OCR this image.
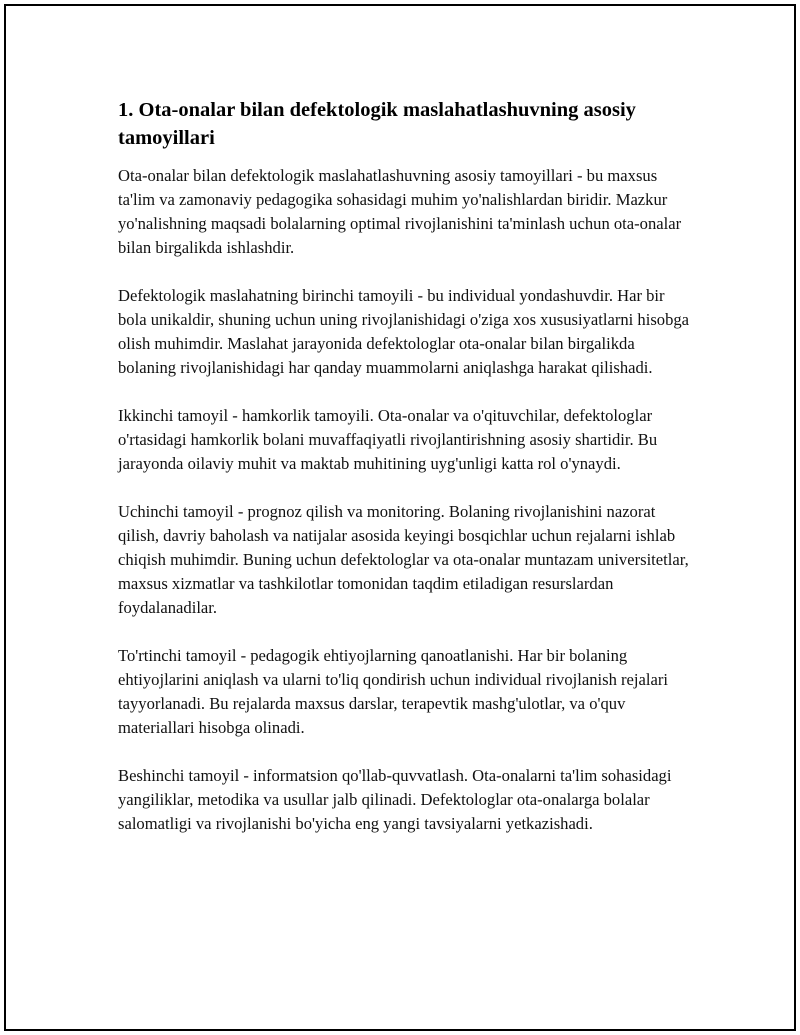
1. Ota-onalar bilan defektologik maslahatlashuvning asosiy tamoyillari

Ota-onalar bilan defektologik maslahatlashuvning asosiy tamoyillari - bu maxsus ta'lim va zamonaviy pedagogika sohasidagi muhim yo'nalishlardan biridir. Mazkur yo'nalishning maqsadi bolalarning optimal rivojlanishini ta'minlash uchun ota-onalar bilan birgalikda ishlashdir.

Defektologik maslahatning birinchi tamoyili - bu individual yondashuvdir. Har bir bola unikaldir, shuning uchun uning rivojlanishidagi o'ziga xos xususiyatlarni hisobga olish muhimdir. Maslahat jarayonida defektologlar ota-onalar bilan birgalikda bolaning rivojlanishidagi har qanday muammolarni aniqlashga harakat qilishadi.

Ikkinchi tamoyil - hamkorlik tamoyili. Ota-onalar va o'qituvchilar, defektologlar o'rtasidagi hamkorlik bolani muvaffaqiyatli rivojlantirishning asosiy shartidir. Bu jarayonda oilaviy muhit va maktab muhitining uyg'unligi katta rol o'ynaydi.

Uchinchi tamoyil - prognoz qilish va monitoring. Bolaning rivojlanishini nazorat qilish, davriy baholash va natijalar asosida keyingi bosqichlar uchun rejalarni ishlab chiqish muhimdir. Buning uchun defektologlar va ota-onalar muntazam universitetlar, maxsus xizmatlar va tashkilotlar tomonidan taqdim etiladigan resurslardan foydalanadilar.

To'rtinchi tamoyil - pedagogik ehtiyojlarning qanoatlanishi. Har bir bolaning ehtiyojlarini aniqlash va ularni to'liq qondirish uchun individual rivojlanish rejalari tayyorlanadi. Bu rejalarda maxsus darslar, terapevtik mashg'ulotlar, va o'quv materiallari hisobga olinadi.

Beshinchi tamoyil - informatsion qo'llab-quvvatlash. Ota-onalarni ta'lim sohasidagi yangiliklar, metodika va usullar jalb qilinadi. Defektologlar ota-onalarga bolalar salomatligi va rivojlanishi bo'yicha eng yangi tavsiyalarni yetkazishadi.
